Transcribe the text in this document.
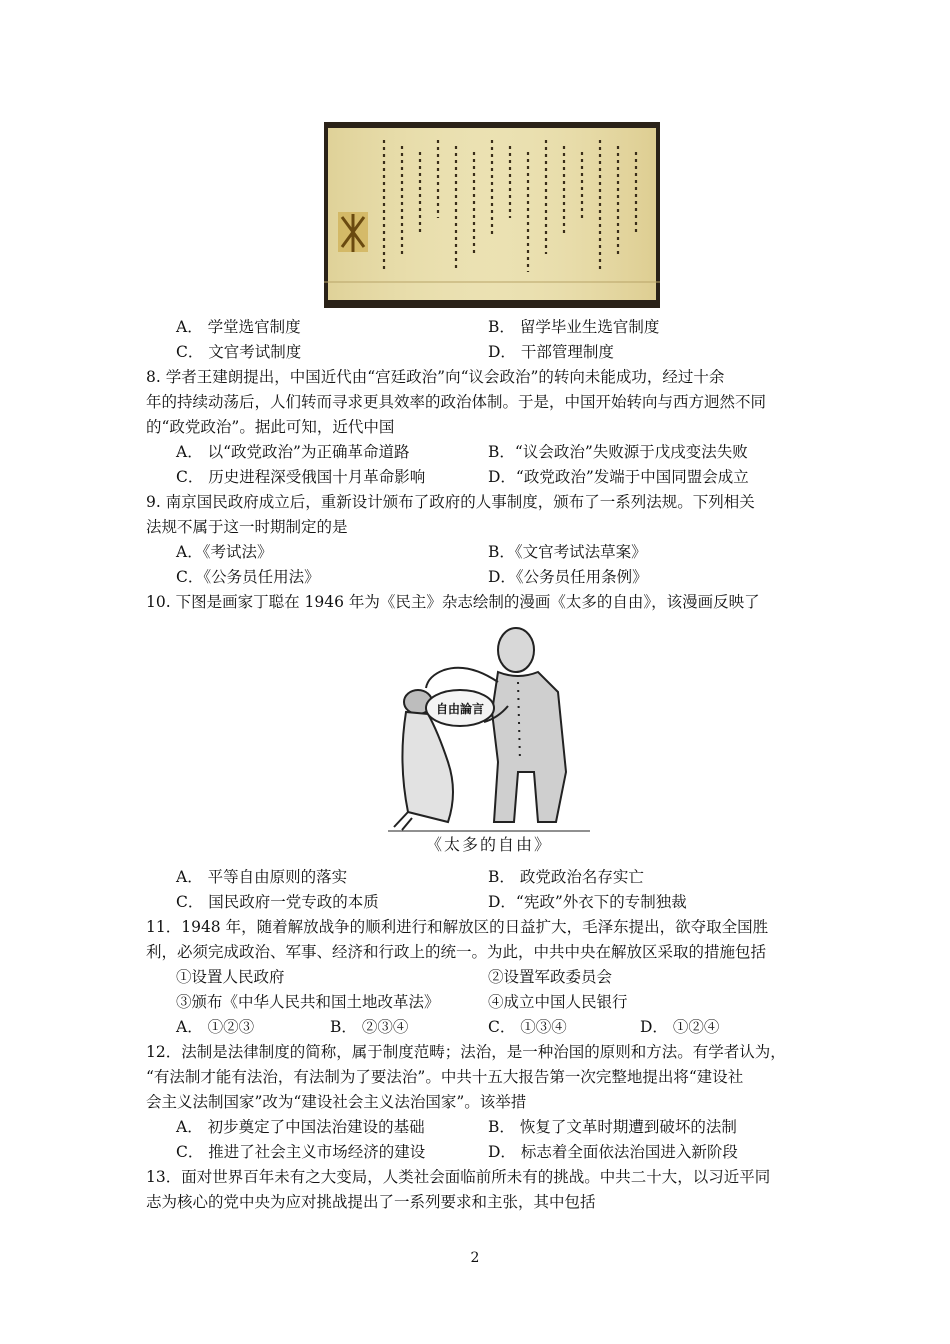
A． 学堂选官制度	B． 留学毕业生选官制度
C． 文官考试制度	D． 干部管理制度
8. 学者王建朗提出，中国近代由“宫廷政治”向“议会政治”的转向未能成功，经过十余
年的持续动荡后，人们转而寻求更具效率的政治体制。于是，中国开始转向与西方迥然不同
的“政党政治”。据此可知，近代中国
A． 以“政党政治”为正确革命道路	B．“议会政治”失败源于戊戌变法失败
C． 历史进程深受俄国十月革命影响	D．“政党政治”发端于中国同盟会成立
9. 南京国民政府成立后，重新设计颁布了政府的人事制度，颁布了一系列法规。下列相关
法规不属于这一时期制定的是
A．《考试法》	B．《文官考试法草案》
C．《公务员任用法》	D．《公务员任用条例》
10. 下图是画家丁聪在 1946 年为《民主》杂志绘制的漫画《太多的自由》，该漫画反映了
自由論言
《太多的自由》
A． 平等自由原则的落实	B． 政党政治名存实亡
C． 国民政府一党专政的本质	D．“宪政”外衣下的专制独裁
11．1948 年，随着解放战争的顺利进行和解放区的日益扩大，毛泽东提出，欲夺取全国胜
利，必须完成政治、军事、经济和行政上的统一。为此，中共中央在解放区采取的措施包括
①设置人民政府	②设置军政委员会
③颁布《中华人民共和国土地改革法》	④成立中国人民银行
A． ①②③	B． ②③④	C． ①③④	D． ①②④
12．法制是法律制度的简称，属于制度范畴；法治，是一种治国的原则和方法。有学者认为，
“有法制才能有法治，有法制为了要法治”。中共十五大报告第一次完整地提出将“建设社
会主义法制国家”改为“建设社会主义法治国家”。该举措
A． 初步奠定了中国法治建设的基础	B． 恢复了文革时期遭到破坏的法制
C． 推进了社会主义市场经济的建设	D． 标志着全面依法治国进入新阶段
13．面对世界百年未有之大变局，人类社会面临前所未有的挑战。中共二十大，以习近平同
志为核心的党中央为应对挑战提出了一系列要求和主张，其中包括
2
